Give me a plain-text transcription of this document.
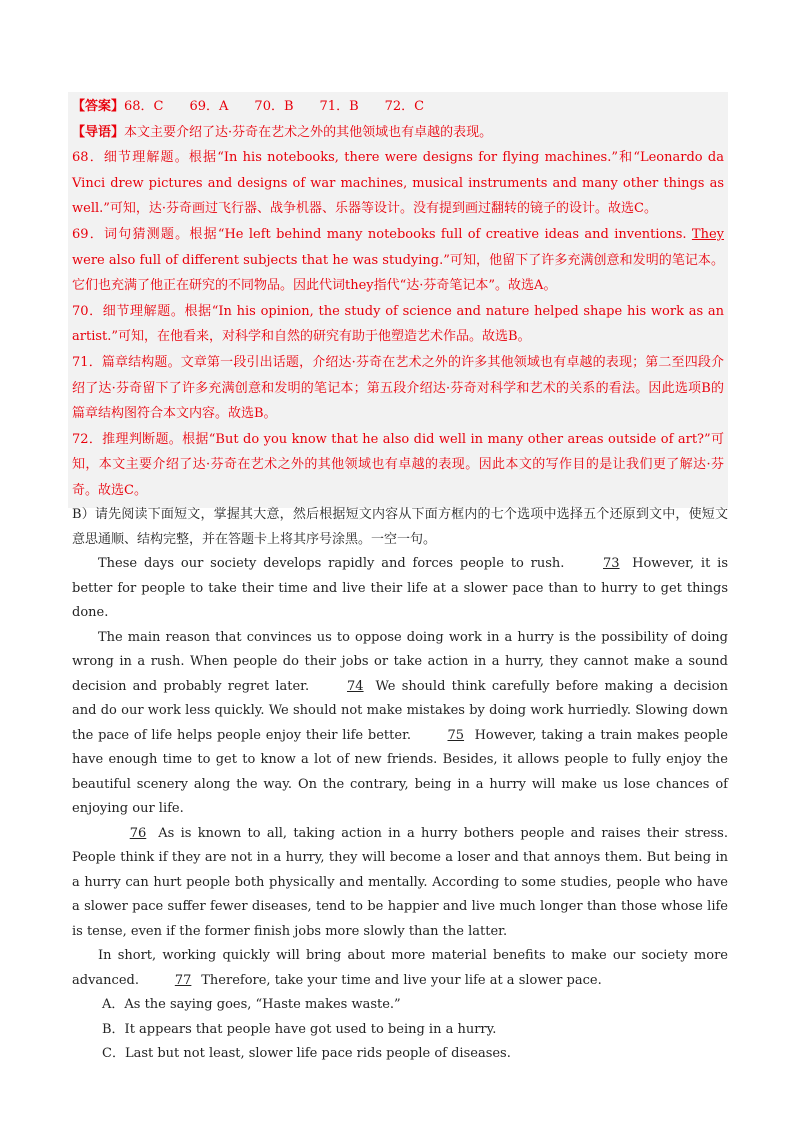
【答案】68．C　　69．A　　70．B　　71．B　　72．C

【导语】本文主要介绍了达·芬奇在艺术之外的其他领域也有卓越的表现。

68．细节理解题。根据“In his notebooks, there were designs for flying machines.”和“Leonardo da Vinci drew pictures and designs of war machines, musical instruments and many other things as well.”可知，达·芬奇画过飞行器、战争机器、乐器等设计。没有提到画过翻转的镜子的设计。故选C。

69．词句猜测题。根据“He left behind many notebooks full of creative ideas and inventions. They were also full of different subjects that he was studying.”可知，他留下了许多充满创意和发明的笔记本。它们也充满了他正在研究的不同物品。因此代词they指代“达·芬奇笔记本”。故选A。

70．细节理解题。根据“In his opinion, the study of science and nature helped shape his work as an artist.”可知，在他看来，对科学和自然的研究有助于他塑造艺术作品。故选B。

71．篇章结构题。文章第一段引出话题，介绍达·芬奇在艺术之外的许多其他领域也有卓越的表现；第二至四段介绍了达·芬奇留下了许多充满创意和发明的笔记本；第五段介绍达·芬奇对科学和艺术的关系的看法。因此选项B的篇章结构图符合本文内容。故选B。

72．推理判断题。根据“But do you know that he also did well in many other areas outside of art?”可知，本文主要介绍了达·芬奇在艺术之外的其他领域也有卓越的表现。因此本文的写作目的是让我们更了解达·芬奇。故选C。

B）请先阅读下面短文，掌握其大意，然后根据短文内容从下面方框内的七个选项中选择五个还原到文中，使短文意思通顺、结构完整，并在答题卡上将其序号涂黑。一空一句。

These days our society develops rapidly and forces people to rush. 73 However, it is better for people to take their time and live their life at a slower pace than to hurry to get things done.

The main reason that convinces us to oppose doing work in a hurry is the possibility of doing wrong in a rush. When people do their jobs or take action in a hurry, they cannot make a sound decision and probably regret later. 74 We should think carefully before making a decision and do our work less quickly. We should not make mistakes by doing work hurriedly. Slowing down the pace of life helps people enjoy their life better. 75 However, taking a train makes people have enough time to get to know a lot of new friends. Besides, it allows people to fully enjoy the beautiful scenery along the way. On the contrary, being in a hurry will make us lose chances of enjoying our life.

76 As is known to all, taking action in a hurry bothers people and raises their stress. People think if they are not in a hurry, they will become a loser and that annoys them. But being in a hurry can hurt people both physically and mentally. According to some studies, people who have a slower pace suffer fewer diseases, tend to be happier and live much longer than those whose life is tense, even if the former finish jobs more slowly than the latter.

In short, working quickly will bring about more material benefits to make our society more advanced. 77 Therefore, take your time and live your life at a slower pace.

A．As the saying goes, “Haste makes waste.”

B．It appears that people have got used to being in a hurry.

C．Last but not least, slower life pace rids people of diseases.
